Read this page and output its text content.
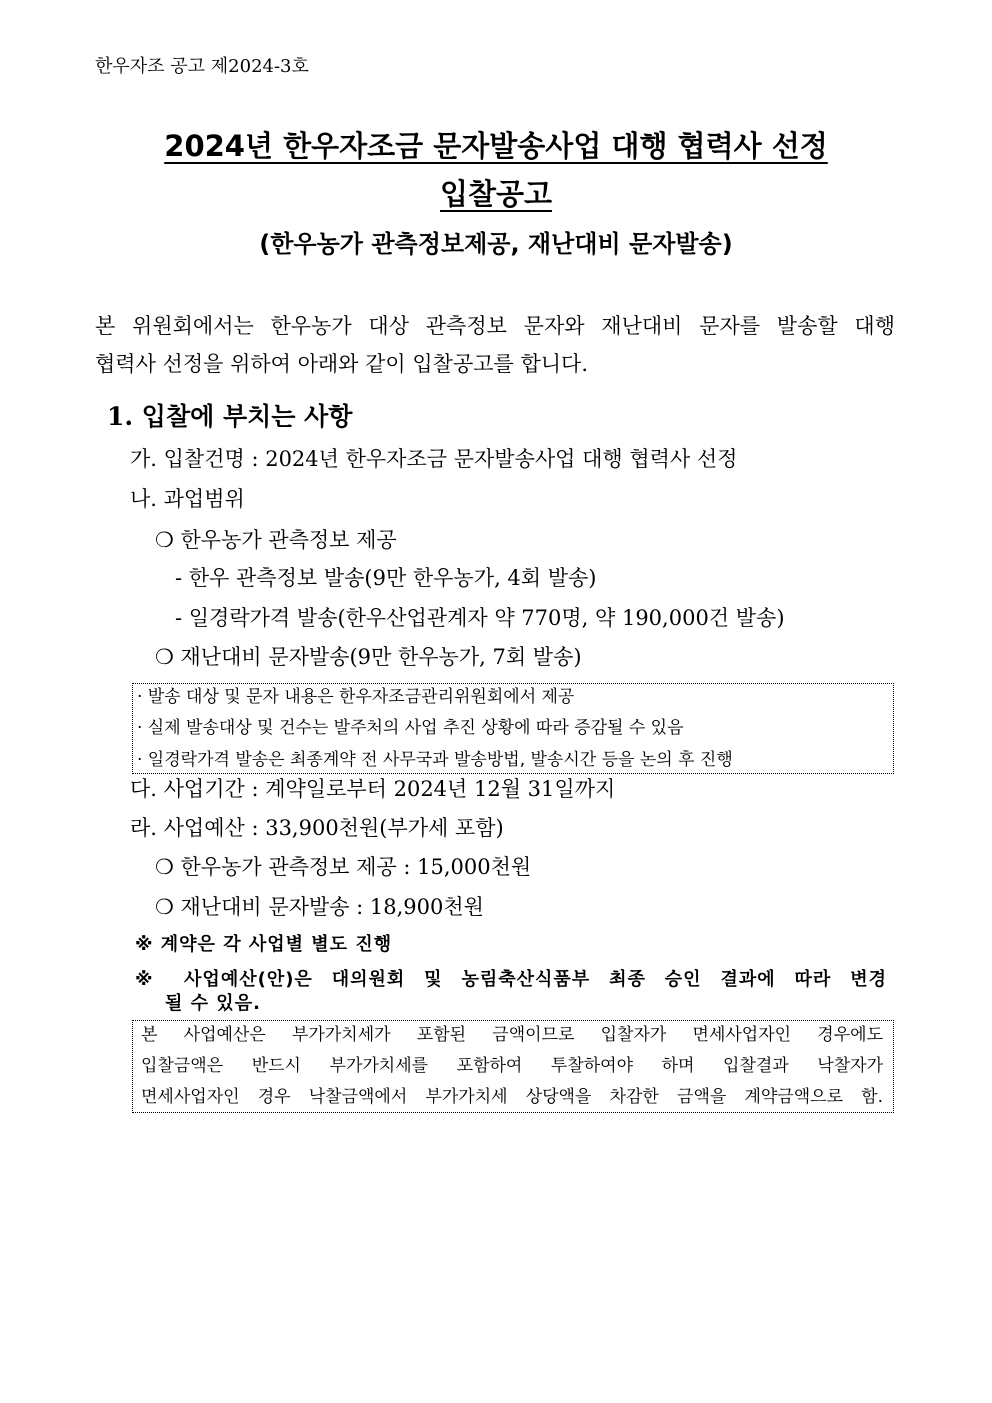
한우자조 공고 제2024-3호
2024년 한우자조금 문자발송사업 대행 협력사 선정
입찰공고
(한우농가 관측정보제공, 재난대비 문자발송)
본 위원회에서는 한우농가 대상 관측정보 문자와 재난대비 문자를 발송할 대행
협력사 선정을 위하여 아래와 같이 입찰공고를 합니다.
1. 입찰에 부치는 사항
가. 입찰건명 : 2024년 한우자조금 문자발송사업 대행 협력사 선정
나. 과업범위
❍ 한우농가 관측정보 제공
- 한우 관측정보 발송(9만 한우농가, 4회 발송)
- 일경락가격 발송(한우산업관계자 약 770명, 약 190,000건 발송)
❍ 재난대비 문자발송(9만 한우농가, 7회 발송)
· 발송 대상 및 문자 내용은 한우자조금관리위원회에서 제공
· 실제 발송대상 및 건수는 발주처의 사업 추진 상황에 따라 증감될 수 있음
· 일경락가격 발송은 최종계약 전 사무국과 발송방법, 발송시간 등을 논의 후 진행
다. 사업기간 : 계약일로부터 2024년 12월 31일까지
라. 사업예산 : 33,900천원(부가세 포함)
❍ 한우농가 관측정보 제공 : 15,000천원
❍ 재난대비 문자발송 : 18,900천원
※ 계약은 각 사업별 별도 진행
※ 사업예산(안)은 대의원회 및 농림축산식품부 최종 승인 결과에 따라 변경
될 수 있음.
본 사업예산은 부가가치세가 포함된 금액이므로 입찰자가 면세사업자인 경우에도
입찰금액은 반드시 부가가치세를 포함하여 투찰하여야 하며 입찰결과 낙찰자가
면세사업자인 경우 낙찰금액에서 부가가치세 상당액을 차감한 금액을 계약금액으로 함.
